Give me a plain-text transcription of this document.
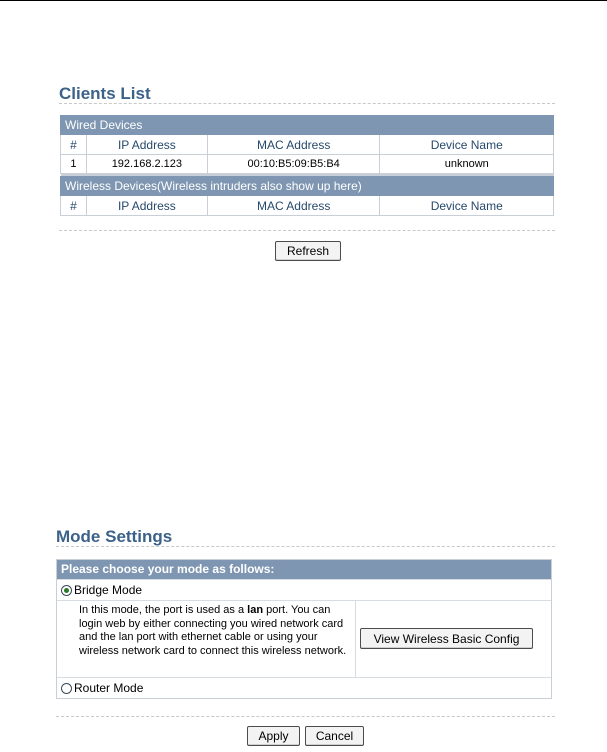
Clients List
Wired Devices			
#	IP Address	MAC Address	Device Name
1	192.168.2.123	00:10:B5:09:B5:B4	unknown

Wireless Devices(Wireless intruders also show up here)			
#	IP Address	MAC Address	Device Name
Refresh
Mode Settings
Please choose your mode as follows:
Bridge Mode
In this mode, the port is used as a lan port. You can login web by either connecting you wired network card and the lan port with ethernet cable or using your wireless network card to connect this wireless network.
View Wireless Basic Config
Router Mode
Apply	Cancel
